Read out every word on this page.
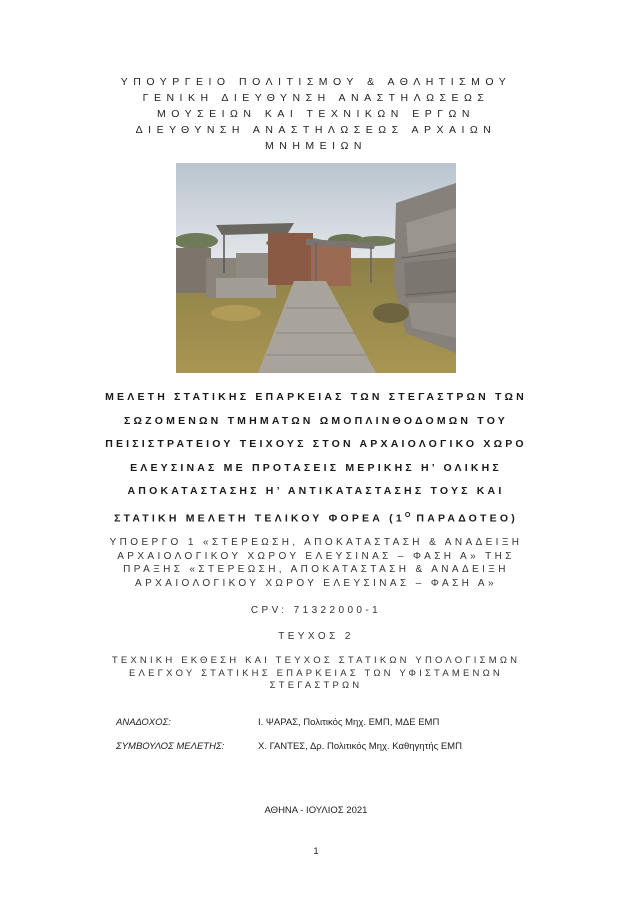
ΥΠΟΥΡΓΕΙΟ ΠΟΛΙΤΙΣΜΟΥ & ΑΘΛΗΤΙΣΜΟΥ
ΓΕΝΙΚΗ ΔΙΕΥΘΥΝΣΗ ΑΝΑΣΤΗΛΩΣΕΩΣ
ΜΟΥΣΕΙΩΝ ΚΑΙ ΤΕΧΝΙΚΩΝ ΕΡΓΩΝ
ΔΙΕΥΘΥΝΣΗ ΑΝΑΣΤΗΛΩΣΕΩΣ ΑΡΧΑΙΩΝ
ΜΝΗΜΕΙΩΝ
ΜΕΛΕΤΗ ΣΤΑΤΙΚΗΣ ΕΠΑΡΚΕΙΑΣ ΤΩΝ ΣΤΕΓΑΣΤΡΩΝ ΤΩΝ
ΣΩΖΟΜΕΝΩΝ ΤΜΗΜΑΤΩΝ ΩΜΟΠΛΙΝΘΟΔΟΜΩΝ ΤΟΥ
ΠΕΙΣΙΣΤΡΑΤΕΙΟΥ ΤΕΙΧΟΥΣ ΣΤΟΝ ΑΡΧΑΙΟΛΟΓΙΚΟ ΧΩΡΟ
ΕΛΕΥΣΙΝΑΣ ΜΕ ΠΡΟΤΑΣΕΙΣ ΜΕΡΙΚΗΣ Η’ ΟΛΙΚΗΣ
ΑΠΟΚΑΤΑΣΤΑΣΗΣ Η’ ΑΝΤΙΚΑΤΑΣΤΑΣΗΣ ΤΟΥΣ ΚΑΙ
ΣΤΑΤΙΚΗ ΜΕΛΕΤΗ ΤΕΛΙΚΟΥ ΦΟΡΕΑ ($1^O$ ΠΑΡΑΔΟΤΕΟ)
ΥΠΟΕΡΓΟ 1 «ΣΤΕΡΕΩΣΗ, ΑΠΟΚΑΤΑΣΤΑΣΗ & ΑΝΑΔΕΙΞΗ
ΑΡΧΑΙΟΛΟΓΙΚΟΥ ΧΩΡΟΥ ΕΛΕΥΣΙΝΑΣ – ΦΑΣΗ Α» ΤΗΣ
ΠΡΑΞΗΣ «ΣΤΕΡΕΩΣΗ, ΑΠΟΚΑΤΑΣΤΑΣΗ & ΑΝΑΔΕΙΞΗ
ΑΡΧΑΙΟΛΟΓΙΚΟΥ ΧΩΡΟΥ ΕΛΕΥΣΙΝΑΣ – ΦΑΣΗ Α»
CPV: 71322000-1
ΤΕΥΧΟΣ 2
ΤΕΧΝΙΚΗ ΕΚΘΕΣΗ ΚΑΙ ΤΕΥΧΟΣ ΣΤΑΤΙΚΩΝ ΥΠΟΛΟΓΙΣΜΩΝ
ΕΛΕΓΧΟΥ ΣΤΑΤΙΚΗΣ ΕΠΑΡΚΕΙΑΣ ΤΩΝ ΥΦΙΣΤΑΜΕΝΩΝ
ΣΤΕΓΑΣΤΡΩΝ
ΑΝΑΔΟΧΟΣ:	Ι. ΨΑΡΑΣ, Πολιτικός Μηχ. ΕΜΠ, ΜΔΕ ΕΜΠ
ΣΥΜΒΟΥΛΟΣ ΜΕΛΕΤΗΣ:	Χ. ΓΑΝΤΕΣ, Δρ. Πολιτικός Μηχ. Καθηγητής ΕΜΠ
ΑΘΗΝΑ - ΙΟΥΛΙΟΣ 2021
1
